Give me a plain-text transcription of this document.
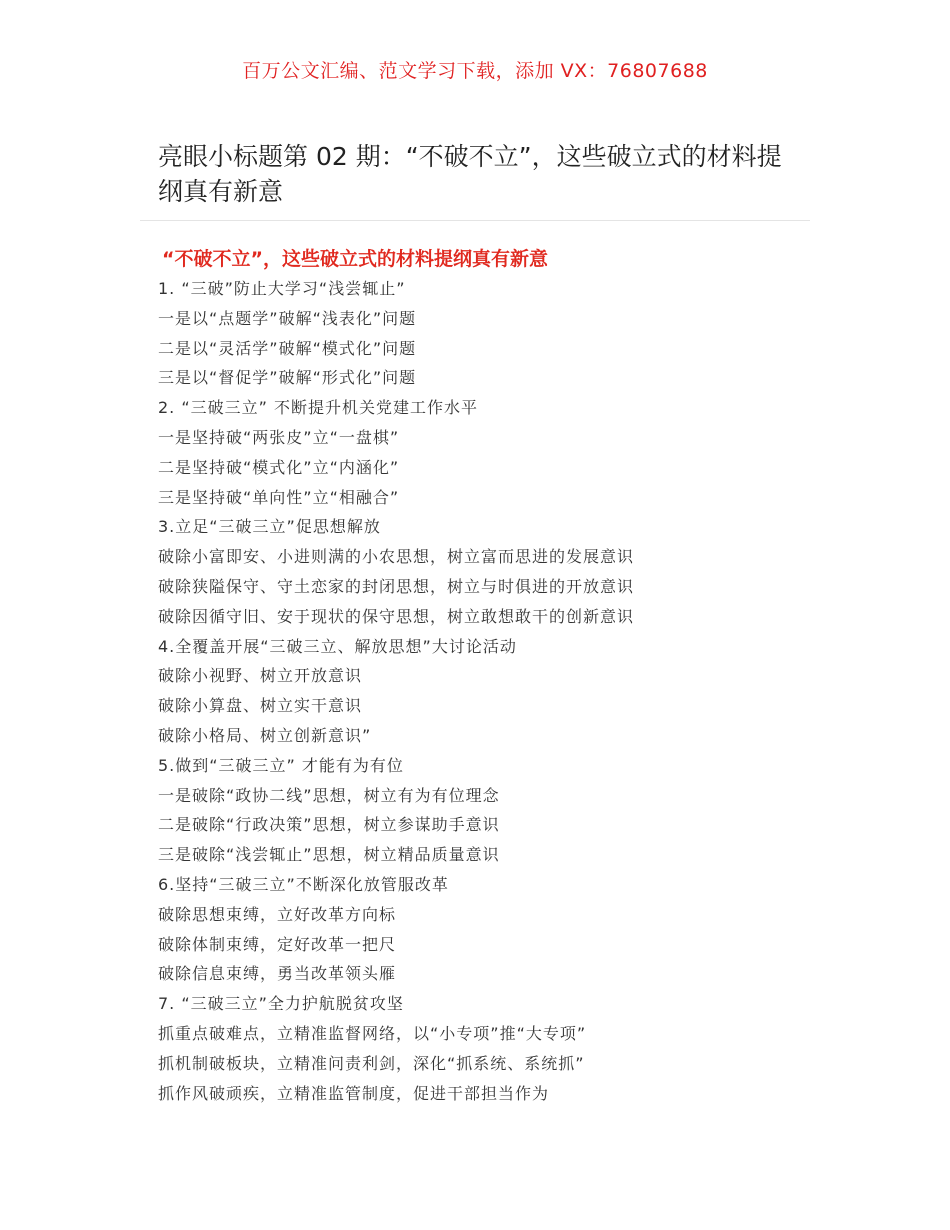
百万公文汇编、范文学习下载，添加 VX：76807688
亮眼小标题第 02 期：“不破不立”，这些破立式的材料提纲真有新意
“不破不立”，这些破立式的材料提纲真有新意
1. “三破”防止大学习“浅尝辄止”
一是以“点题学”破解“浅表化”问题
二是以“灵活学”破解“模式化”问题
三是以“督促学”破解“形式化”问题
2. “三破三立” 不断提升机关党建工作水平
一是坚持破“两张皮”立“一盘棋”
二是坚持破“模式化”立“内涵化”
三是坚持破“单向性”立“相融合”
3.立足“三破三立”促思想解放
破除小富即安、小进则满的小农思想，树立富而思进的发展意识
破除狭隘保守、守土恋家的封闭思想，树立与时俱进的开放意识
破除因循守旧、安于现状的保守思想，树立敢想敢干的创新意识
4.全覆盖开展“三破三立、解放思想”大讨论活动
破除小视野、树立开放意识
破除小算盘、树立实干意识
破除小格局、树立创新意识”
5.做到“三破三立” 才能有为有位
一是破除“政协二线”思想，树立有为有位理念
二是破除“行政决策”思想，树立参谋助手意识
三是破除“浅尝辄止”思想，树立精品质量意识
6.坚持“三破三立”不断深化放管服改革
破除思想束缚，立好改革方向标
破除体制束缚，定好改革一把尺
破除信息束缚，勇当改革领头雁
7. “三破三立”全力护航脱贫攻坚
抓重点破难点，立精准监督网络，以“小专项”推“大专项”
抓机制破板块，立精准问责利剑，深化“抓系统、系统抓”
抓作风破顽疾，立精准监管制度，促进干部担当作为
